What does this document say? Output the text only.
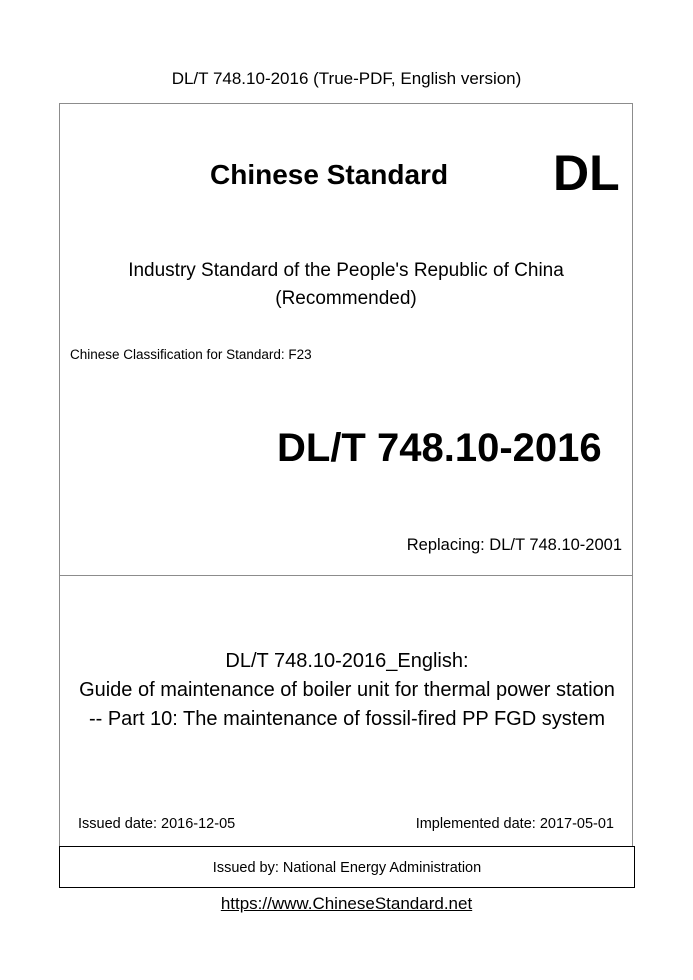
DL/T 748.10-2016 (True-PDF, English version)
Chinese Standard DL
Industry Standard of the People's Republic of China
(Recommended)
Chinese Classification for Standard: F23
DL/T 748.10-2016
Replacing: DL/T 748.10-2001
DL/T 748.10-2016_English:
Guide of maintenance of boiler unit for thermal power station
-- Part 10: The maintenance of fossil-fired PP FGD system
Issued date: 2016-12-05	Implemented date: 2017-05-01
Issued by: National Energy Administration
https://www.ChineseStandard.net
